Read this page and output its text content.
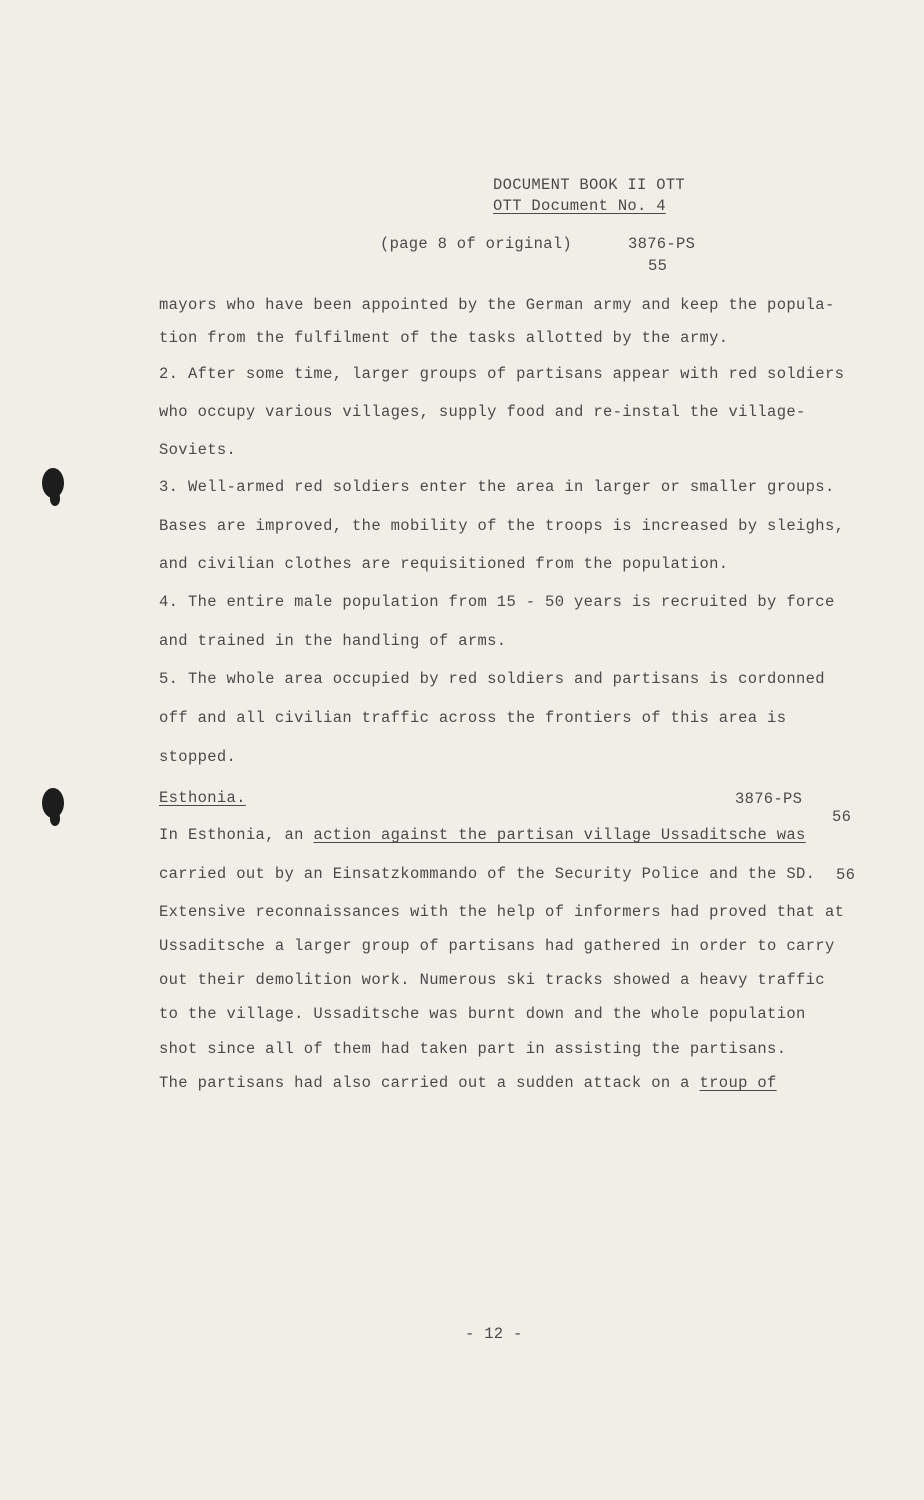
DOCUMENT BOOK II OTT
OTT Document No. 4
(page 8 of original)	3876-PS
55
mayors who have been appointed by the German army and keep the popula-
tion from the fulfilment of the tasks allotted by the army.
2. After some time, larger groups of partisans appear with red soldiers
who occupy various villages, supply food and re-instal the village-
Soviets.
3. Well-armed red soldiers enter the area in larger or smaller groups.
Bases are improved, the mobility of the troops is increased by sleighs,
and civilian clothes are requisitioned from the population.
4. The entire male population from 15 - 50 years is recruited by force
and trained in the handling of arms.
5. The whole area occupied by red soldiers and partisans is cordonned
off and all civilian traffic across the frontiers of this area is
stopped.
Esthonia.	3876-PS
56
In Esthonia, an action against the partisan village Ussaditsche was
carried out by an Einsatzkommando of the Security Police and the SD. 56
Extensive reconnaissances with the help of informers had proved that at
Ussaditsche a larger group of partisans had gathered in order to carry
out their demolition work. Numerous ski tracks showed a heavy traffic
to the village. Ussaditsche was burnt down and the whole population
shot since all of them had taken part in assisting the partisans.
The partisans had also carried out a sudden attack on a troup of
- 12 -
